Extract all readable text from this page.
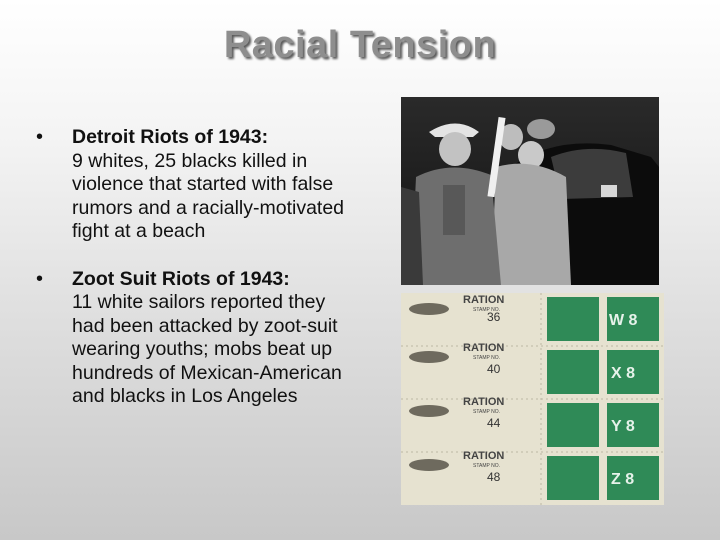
Racial Tension
• Detroit Riots of 1943:
9 whites, 25 blacks killed in violence that started with false rumors and a racially-motivated fight at a beach
• Zoot Suit Riots of 1943:
11 white sailors reported they had been attacked by zoot-suit wearing youths; mobs beat up hundreds of Mexican-American and blacks in Los Angeles
RATION
STAMP NO.
36
RATION
STAMP NO.
40
RATION
STAMP NO.
44
RATION
STAMP NO.
48
W 8
X 8
Y 8
Z 8
